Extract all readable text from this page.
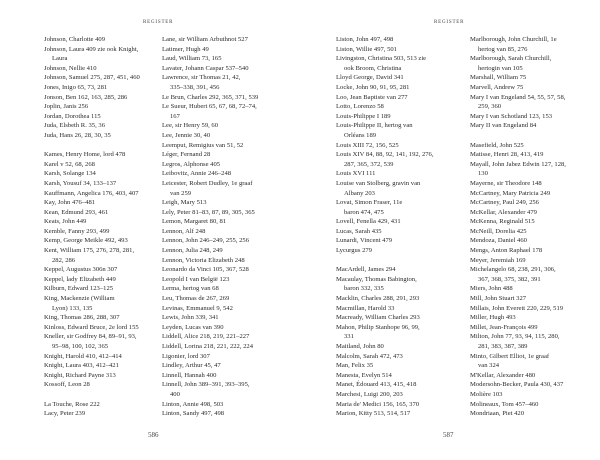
REGISTER
Johnson, Charlotte 409
Johnson, Laura 409 zie ook Knight,
Laura
Johnson, Nellie 410
Johnson, Samuel 275, 287, 451, 460
Jones, Inigo 65, 73, 281
Jonson, Ben 162, 163, 285, 286
Joplin, Janis 256
Jordan, Dorothea 115
Juda, Elsbeth R. 35, 36
Juda, Hans 26, 28, 30, 35
Kames, Henry Home, lord 478
Karel v 52, 68, 268
Karsh, Solange 134
Karsh, Yousuf 34, 133–137
Kauffmann, Angelica 176, 403, 407
Kay, John 476–481
Kean, Edmund 293, 461
Keats, John 449
Kemble, Fanny 293, 499
Kemp, George Meikle 492, 493
Kent, William 175, 276, 278, 281,
282, 286
Keppel, Augustus 306n 307
Keppel, lady Elizabeth 449
Kilburn, Edward 123–125
King, Mackenzie (William
Lyon) 133, 135
King, Thomas 286, 288, 307
Kinloss, Edward Bruce, 2e lord 155
Kneller, sir Godfrey 84, 89–91, 93,
95–98, 100, 102, 365
Knight, Harold 410, 412–414
Knight, Laura 403, 412–421
Knight, Richard Payne 313
Kossoff, Leon 28
La Touche, Rose 222
Lacy, Peter 239
Lane, sir William Arbuthnot 527
Latimer, Hugh 49
Laud, William 73, 165
Lavater, Johann Caspar 537–540
Lawrence, sir Thomas 21, 42,
335–338, 391, 456
Le Brun, Charles 292, 365, 371, 539
Le Sueur, Hubert 65, 67, 68, 72–74,
167
Lee, sir Henry 59, 60
Lee, Jennie 30, 40
Leemput, Remigius van 51, 52
Léger, Fernand 28
Legros, Alphonse 405
Leibovitz, Annie 246–248
Leicester, Robert Dudley, 1e graaf
van 259
Leigh, Mary 513
Lely, Peter 81–83, 87, 89, 305, 365
Lemon, Margaret 80, 81
Lennon, Alf 248
Lennon, John 246–249, 255, 256
Lennon, Julia 248, 249
Lennon, Victoria Elizabeth 248
Leonardo da Vinci 105, 367, 528
Leopold I van België 123
Lerma, hertog van 68
Leu, Thomas de 267, 269
Levinas, Emmanuel 9, 542
Lewis, John 339, 341
Leyden, Lucas van 390
Liddell, Alice 218, 219, 221–227
Liddell, Lorina 218, 221, 222, 224
Ligonier, lord 307
Lindley, Arthur 45, 47
Linnell, Hannah 400
Linnell, John 389–391, 393–395,
400
Linton, Annie 498, 503
Linton, Sandy 497, 498
586
REGISTER
Liston, John 497, 498
Liston, Willie 497, 501
Livingston, Christina 503, 513 zie
ook Broom, Christina
Lloyd George, David 341
Locke, John 90, 91, 95, 281
Loo, Jean Baptiste van 277
Lotto, Lorenzo 58
Louis-Philippe I 189
Louis-Philippe II, hertog van
Orléans 189
Louis XIII 72, 156, 525
Louis XIV 84, 88, 92, 141, 192, 276,
287, 365, 372, 539
Louis XVI 111
Louise van Stolberg, gravin van
Albany 203
Lovat, Simon Fraser, 11e
baron 474, 475
Lovell, Fenella 429, 431
Lucas, Sarah 435
Lunardi, Vincent 479
Lycurgus 279
MacArdell, James 294
Macaulay, Thomas Babington,
baron 332, 335
Macklin, Charles 288, 291, 293
Macmillan, Harold 33
Macready, William Charles 293
Mahon, Philip Stanhope 96, 99,
331
Maitland, John 80
Malcolm, Sarah 472, 473
Man, Felix 35
Manesta, Evelyn 514
Manet, Édouard 413, 415, 418
Marchesi, Luigi 200, 203
Maria de' Medici 156, 165, 370
Marion, Kitty 513, 514, 517
Marlborough, John Churchill, 1e
hertog van 85, 276
Marlborough, Sarah Churchill,
hertogin van 105
Marshall, William 75
Marvell, Andrew 75
Mary I van Engeland 54, 55, 57, 58,
259, 360
Mary I van Schotland 123, 153
Mary II van Engeland 84
Masefield, John 525
Matisse, Henri 28, 413, 419
Mayall, John Jabez Edwin 127, 128,
130
Mayerne, sir Theodore 148
McCartney, Mary Patricia 249
McCartney, Paul 249, 256
McKellar, Alexander 479
McKenna, Reginald 515
McNeill, Dorelia 425
Mendoza, Daniel 460
Mengs, Anton Raphael 178
Meyer, Jeremiah 169
Michelangelo 68, 238, 291, 306,
367, 368, 375, 382, 391
Miers, John 488
Mill, John Stuart 327
Millais, John Everett 220, 229, 519
Miller, Hugh 493
Millet, Jean-François 499
Milton, John 77, 93, 94, 115, 280,
281, 383, 387, 389
Minto, Gilbert Elliot, 1e graaf
van 324
M'Kellar, Alexander 480
Modersohn-Becker, Paula 430, 437
Molière 103
Molineaux, Tom 457–460
Mondriaan, Piet 420
587
